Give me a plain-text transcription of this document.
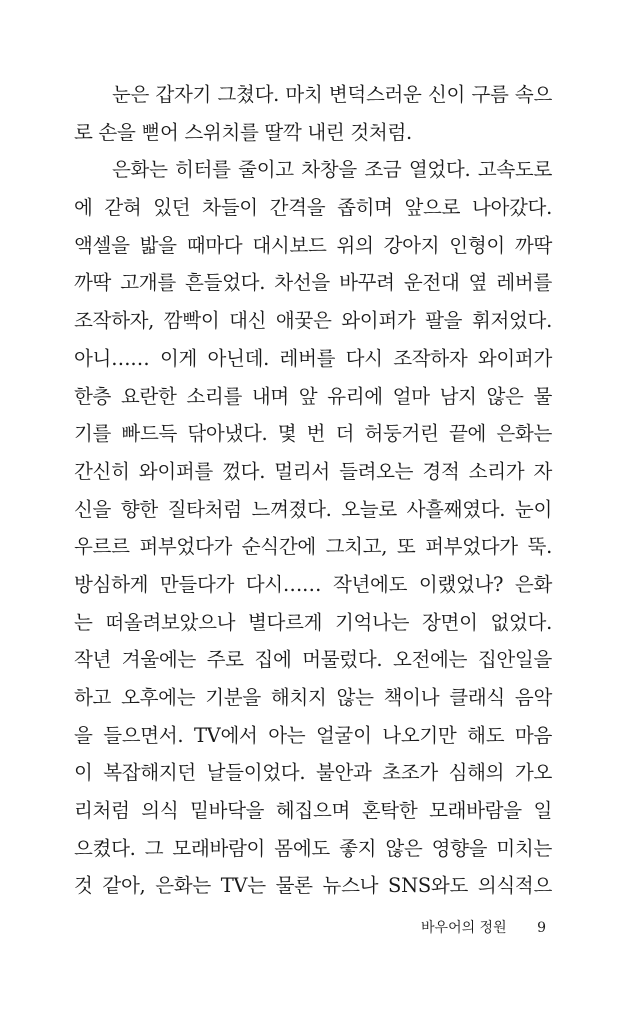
눈은 갑자기 그쳤다. 마치 변덕스러운 신이 구름 속으
로 손을 뻗어 스위치를 딸깍 내린 것처럼.
은화는 히터를 줄이고 차창을 조금 열었다. 고속도로
에 갇혀 있던 차들이 간격을 좁히며 앞으로 나아갔다.
액셀을 밟을 때마다 대시보드 위의 강아지 인형이 까딱
까딱 고개를 흔들었다. 차선을 바꾸려 운전대 옆 레버를
조작하자, 깜빡이 대신 애꿎은 와이퍼가 팔을 휘저었다.
아니…… 이게 아닌데. 레버를 다시 조작하자 와이퍼가
한층 요란한 소리를 내며 앞 유리에 얼마 남지 않은 물
기를 빠드득 닦아냈다. 몇 번 더 허둥거린 끝에 은화는
간신히 와이퍼를 껐다. 멀리서 들려오는 경적 소리가 자
신을 향한 질타처럼 느껴졌다. 오늘로 사흘째였다. 눈이
우르르 퍼부었다가 순식간에 그치고, 또 퍼부었다가 뚝.
방심하게 만들다가 다시…… 작년에도 이랬었나? 은화
는 떠올려보았으나 별다르게 기억나는 장면이 없었다.
작년 겨울에는 주로 집에 머물렀다. 오전에는 집안일을
하고 오후에는 기분을 해치지 않는 책이나 클래식 음악
을 들으면서. TV에서 아는 얼굴이 나오기만 해도 마음
이 복잡해지던 날들이었다. 불안과 초조가 심해의 가오
리처럼 의식 밑바닥을 헤집으며 혼탁한 모래바람을 일
으켰다. 그 모래바람이 몸에도 좋지 않은 영향을 미치는
것 같아, 은화는 TV는 물론 뉴스나 SNS와도 의식적으
바우어의 정원 9
